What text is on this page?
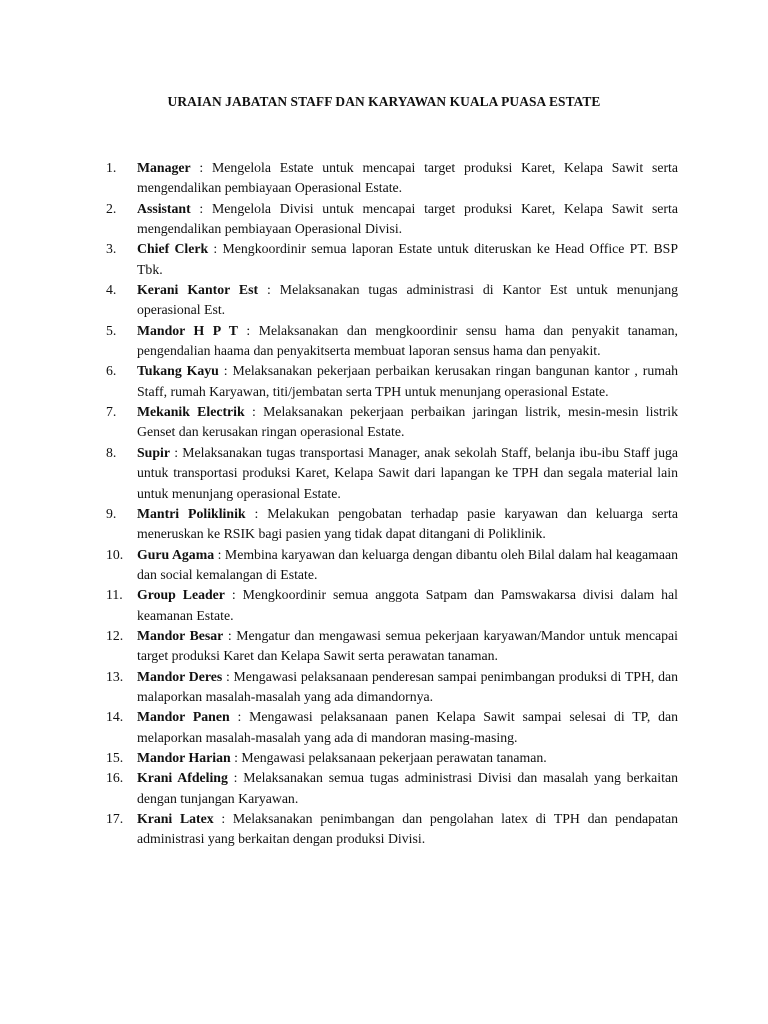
URAIAN JABATAN STAFF DAN KARYAWAN KUALA PUASA ESTATE
1.	Manager : Mengelola Estate untuk mencapai target produksi Karet, Kelapa Sawit serta mengendalikan pembiayaan Operasional Estate.
2.	Assistant : Mengelola Divisi untuk mencapai target produksi Karet, Kelapa Sawit serta mengendalikan pembiayaan Operasional Divisi.
3.	Chief Clerk : Mengkoordinir semua laporan Estate untuk diteruskan ke Head Office PT. BSP Tbk.
4.	Kerani Kantor Est : Melaksanakan tugas administrasi di Kantor Est untuk menunjang operasional Est.
5.	Mandor H P T : Melaksanakan dan mengkoordinir sensu hama dan penyakit tanaman, pengendalian haama dan penyakitserta membuat laporan sensus hama dan penyakit.
6.	Tukang Kayu : Melaksanakan pekerjaan perbaikan kerusakan ringan bangunan kantor , rumah Staff, rumah Karyawan, titi/jembatan serta TPH untuk menunjang operasional Estate.
7.	Mekanik Electrik : Melaksanakan pekerjaan perbaikan jaringan listrik, mesin-mesin listrik Genset dan kerusakan ringan operasional Estate.
8.	Supir : Melaksanakan tugas transportasi Manager, anak sekolah Staff, belanja ibu-ibu Staff juga untuk transportasi produksi Karet, Kelapa Sawit dari lapangan ke TPH dan segala material lain untuk menunjang operasional Estate.
9.	Mantri Poliklinik : Melakukan pengobatan terhadap pasie karyawan dan keluarga serta meneruskan ke RSIK bagi pasien yang tidak dapat ditangani di Poliklinik.
10. Guru Agama : Membina karyawan dan keluarga dengan dibantu oleh Bilal dalam hal keagamaan dan social kemalangan di Estate.
11.	Group Leader : Mengkoordinir semua anggota Satpam dan Pamswakarsa divisi dalam hal keamanan Estate.
12. Mandor Besar : Mengatur dan mengawasi semua pekerjaan karyawan/Mandor untuk mencapai target produksi Karet dan Kelapa Sawit serta perawatan tanaman.
13. Mandor Deres : Mengawasi pelaksanaan penderesan sampai penimbangan produksi di TPH, dan malaporkan masalah-masalah yang ada dimandornya.
14. Mandor Panen : Mengawasi pelaksanaan panen Kelapa Sawit sampai selesai di TP, dan melaporkan masalah-masalah yang ada di mandoran masing-masing.
15. Mandor Harian : Mengawasi pelaksanaan pekerjaan perawatan tanaman.
16. Krani Afdeling : Melaksanakan semua tugas administrasi Divisi dan masalah yang berkaitan dengan tunjangan Karyawan.
17. Krani Latex : Melaksanakan penimbangan dan pengolahan latex di TPH dan pendapatan administrasi yang berkaitan dengan produksi Divisi.
